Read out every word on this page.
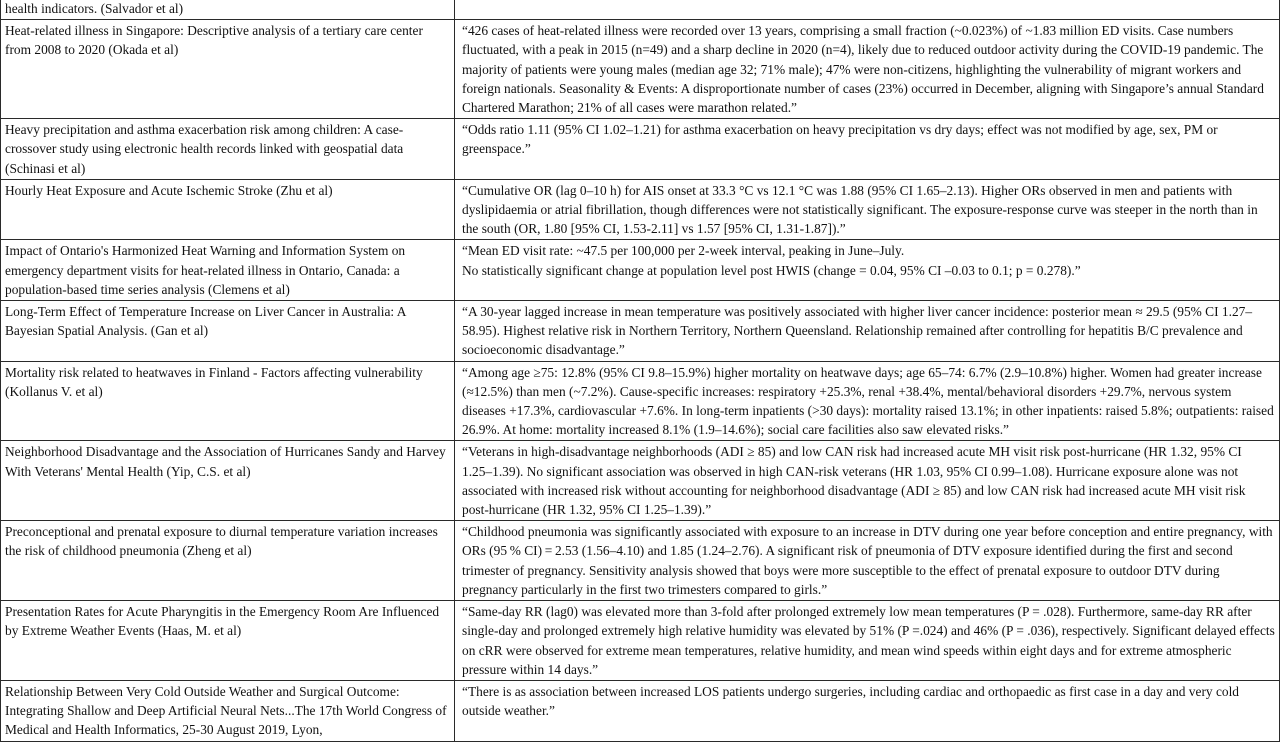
health indicators. (Salvador et al)	
Heat-related illness in Singapore: Descriptive analysis of a tertiary care center from 2008 to 2020 (Okada et al)	“426 cases of heat-related illness were recorded over 13 years, comprising a small fraction (~0.023%) of ~1.83 million ED visits. Case numbers fluctuated, with a peak in 2015 (n=49) and a sharp decline in 2020 (n=4), likely due to reduced outdoor activity during the COVID-19 pandemic. The majority of patients were young males (median age 32; 71% male); 47% were non-citizens, highlighting the vulnerability of migrant workers and foreign nationals. Seasonality & Events: A disproportionate number of cases (23%) occurred in December, aligning with Singapore’s annual Standard Chartered Marathon; 21% of all cases were marathon related.”
Heavy precipitation and asthma exacerbation risk among children: A case-crossover study using electronic health records linked with geospatial data (Schinasi et al)	“Odds ratio 1.11 (95% CI 1.02–1.21) for asthma exacerbation on heavy precipitation vs dry days; effect was not modified by age, sex, PM or greenspace.”
Hourly Heat Exposure and Acute Ischemic Stroke (Zhu et al)	“Cumulative OR (lag 0–10 h) for AIS onset at 33.3 °C vs 12.1 °C was 1.88 (95% CI 1.65–2.13). Higher ORs observed in men and patients with dyslipidaemia or atrial fibrillation, though differences were not statistically significant. The exposure-response curve was steeper in the north than in the south (OR, 1.80 [95% CI, 1.53-2.11] vs 1.57 [95% CI, 1.31-1.87]).”
Impact of Ontario's Harmonized Heat Warning and Information System on emergency department visits for heat-related illness in Ontario, Canada: a population-based time series analysis (Clemens et al)	“Mean ED visit rate: ~47.5 per 100,000 per 2-week interval, peaking in June–July.
No statistically significant change at population level post HWIS (change = 0.04, 95% CI –0.03 to 0.1; p = 0.278).”

Long-Term Effect of Temperature Increase on Liver Cancer in Australia: A Bayesian Spatial Analysis. (Gan et al)	“A 30-year lagged increase in mean temperature was positively associated with higher liver cancer incidence: posterior mean ≈ 29.5 (95% CI 1.27–58.95). Highest relative risk in Northern Territory, Northern Queensland. Relationship remained after controlling for hepatitis B/C prevalence and socioeconomic disadvantage.”
Mortality risk related to heatwaves in Finland - Factors affecting vulnerability (Kollanus V. et al)	“Among age ≥75: 12.8% (95% CI 9.8–15.9%) higher mortality on heatwave days; age 65–74: 6.7% (2.9–10.8%) higher. Women had greater increase (≈12.5%) than men (~7.2%). Cause-specific increases: respiratory +25.3%, renal +38.4%, mental/behavioral disorders +29.7%, nervous system diseases +17.3%, cardiovascular +7.6%. In long-term inpatients (>30 days): mortality raised 13.1%; in other inpatients: raised 5.8%; outpatients: raised 26.9%. At home: mortality increased 8.1% (1.9–14.6%); social care facilities also saw elevated risks.”
Neighborhood Disadvantage and the Association of Hurricanes Sandy and Harvey With Veterans' Mental Health (Yip, C.S. et al)	“Veterans in high-disadvantage neighborhoods (ADI ≥ 85) and low CAN risk had increased acute MH visit risk post-hurricane (HR 1.32, 95% CI 1.25–1.39). No significant association was observed in high CAN-risk veterans (HR 1.03, 95% CI 0.99–1.08). Hurricane exposure alone was not associated with increased risk without accounting for neighborhood disadvantage (ADI ≥ 85) and low CAN risk had increased acute MH visit risk post-hurricane (HR 1.32, 95% CI 1.25–1.39).”
Preconceptional and prenatal exposure to diurnal temperature variation increases the risk of childhood pneumonia (Zheng et al)	“Childhood pneumonia was significantly associated with exposure to an increase in DTV during one year before conception and entire pregnancy, with ORs (95 % CI) = 2.53 (1.56–4.10) and 1.85 (1.24–2.76). A significant risk of pneumonia of DTV exposure identified during the first and second trimester of pregnancy. Sensitivity analysis showed that boys were more susceptible to the effect of prenatal exposure to outdoor DTV during pregnancy particularly in the first two trimesters compared to girls.”
Presentation Rates for Acute Pharyngitis in the Emergency Room Are Influenced by Extreme Weather Events (Haas, M. et al)	“Same-day RR (lag0) was elevated more than 3-fold after prolonged extremely low mean temperatures (P = .028). Furthermore, same-day RR after single-day and prolonged extremely high relative humidity was elevated by 51% (P =.024) and 46% (P = .036), respectively. Significant delayed effects on cRR were observed for extreme mean temperatures, relative humidity, and mean wind speeds within eight days and for extreme atmospheric pressure within 14 days.”
Relationship Between Very Cold Outside Weather and Surgical Outcome: Integrating Shallow and Deep Artificial Neural Nets...The 17th World Congress of Medical and Health Informatics, 25-30 August 2019, Lyon,	“There is as association between increased LOS patients undergo surgeries, including cardiac and orthopaedic as first case in a day and very cold outside weather.”
